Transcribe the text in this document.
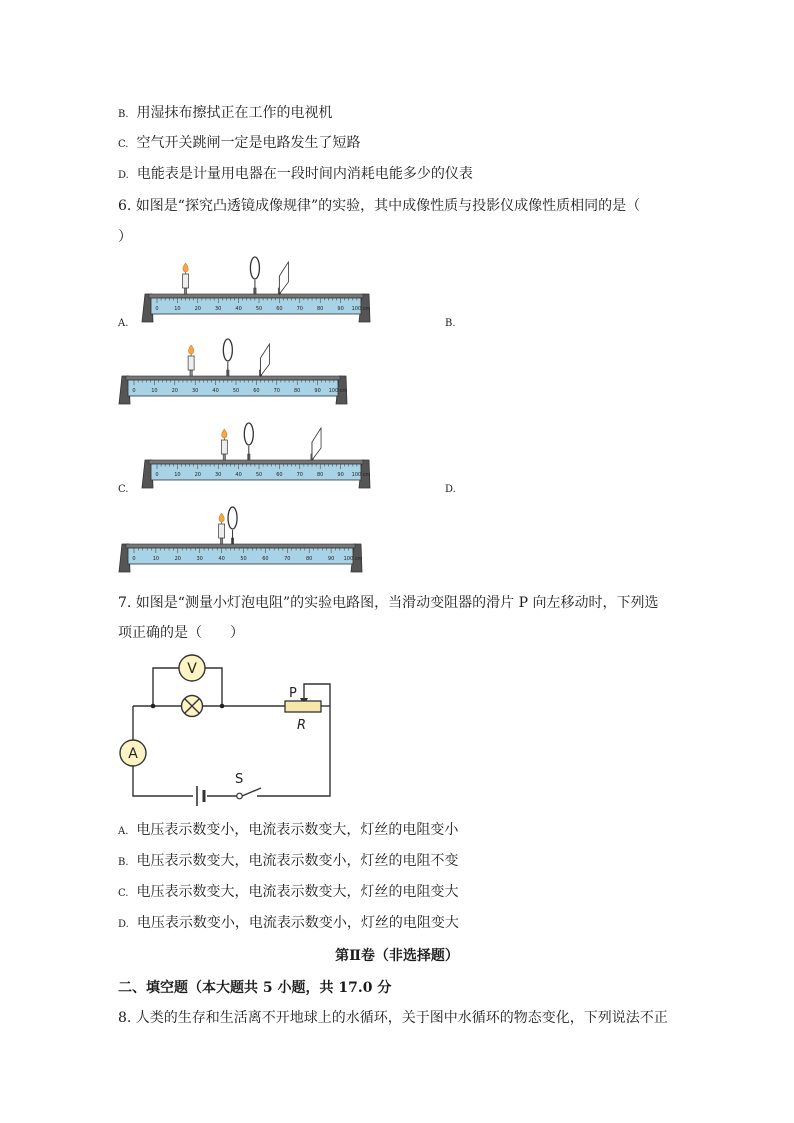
B. 用湿抹布擦拭正在工作的电视机
C. 空气开关跳闸一定是电路发生了短路
D. 电能表是计量用电器在一段时间内消耗电能多少的仪表
6. 如图是“探究凸透镜成像规律”的实验，其中成像性质与投影仪成像性质相同的是（
）
A.	B.
C.	D.
0	10	20	30	40	50	60	70	80	90 100 cm
0	10	20	30	40	50	60	70	80	90 100 cm
0	10	20	30	40	50	60	70	80	90 100 cm
0	10	20	30	40	50	60	70	80	90 100 cm
7. 如图是“测量小灯泡电阻”的实验电路图，当滑动变阻器的滑片 P 向左移动时，下列选
项正确的是（　　）
V
A
P
R
S
A. 电压表示数变小，电流表示数变大，灯丝的电阻变小
B. 电压表示数变大，电流表示数变小，灯丝的电阻不变
C. 电压表示数变大，电流表示数变大，灯丝的电阻变大
D. 电压表示数变小，电流表示数变小，灯丝的电阻变大
第Ⅱ卷（非选择题）
二、填空题（本大题共 5 小题，共 17.0 分
8. 人类的生存和生活离不开地球上的水循环，关于图中水循环的物态变化，下列说法不正
